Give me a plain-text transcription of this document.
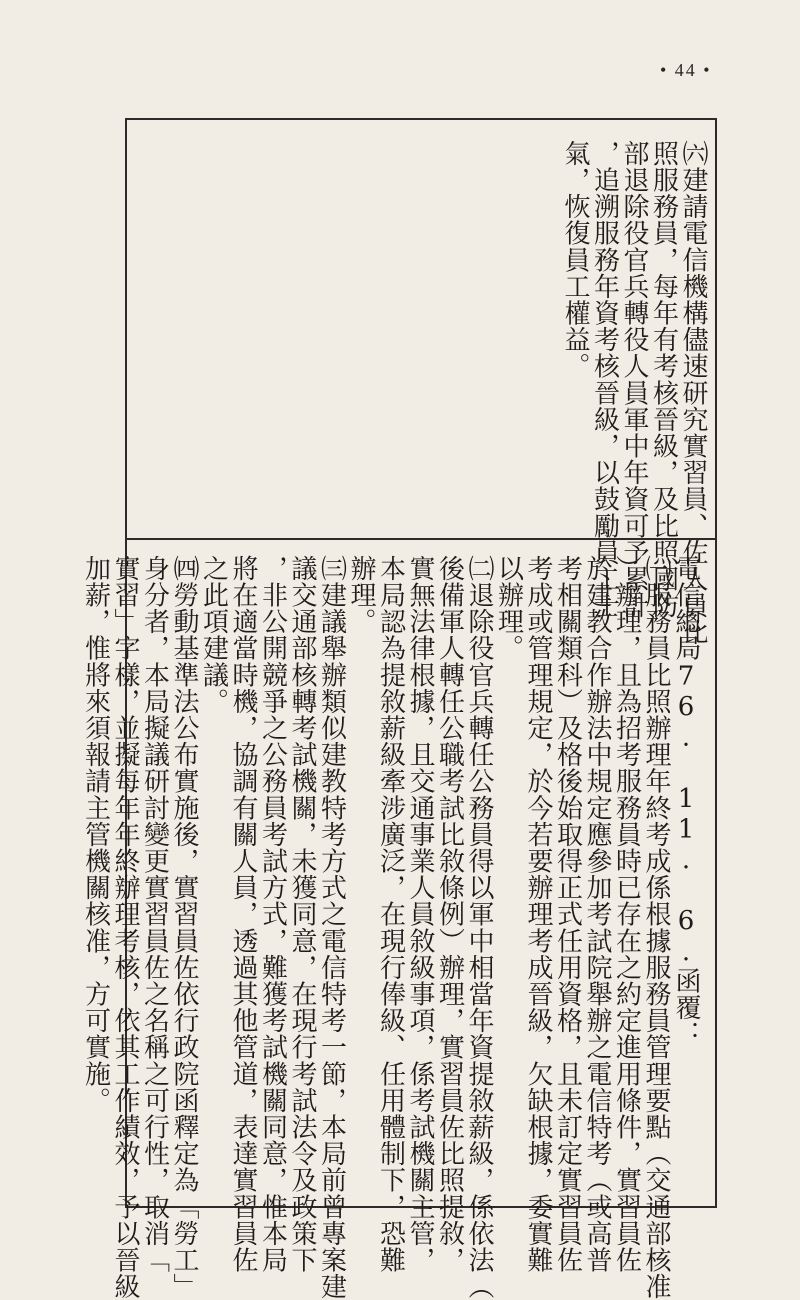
• 44 •

㈥建請電信機構儘速研究實習員、佐人員比
照服務員，每年有考核晉級，及比照國防
部退除役官兵轉役人員軍中年資可予累計
，追溯服務年資考核晉級，以鼓勵員工士
氣，恢復員工權益。
電信總局76. 11. 6.函覆：
㈠服務員比照辦理年終考成係根據服務員管理要點（交通部核准
）辦理，且為招考服務員時已存在之約定進用條件，實習員佐
於建教合作辦法中規定應參加考試院舉辦之電信特考（或高普
考相關類科）及格後始取得正式任用資格，且未訂定實習員佐
考成或管理規定，於今若要辦理考成晉級，欠缺根據，委實難
以辦理。
㈡退除役官兵轉任公務員得以軍中相當年資提敘薪級，係依法（
後備軍人轉任公職考試比敘條例）辦理，實習員佐比照提敘，
實無法律根據，且交通事業人員敘級事項，係考試機關主管，
本局認為提敘薪級牽涉廣泛，在現行俸級、任用體制下，恐難
辦理。
㈢建議舉辦類似建教特考方式之電信特考一節，本局前曾專案建
議交通部核轉考試機關，未獲同意，在現行考試法令及政策下
，非公開競爭之公務員考試方式，難獲考試機關同意，惟本局
將在適當時機，協調有關人員，透過其他管道，表達實習員佐
之此項建議。
㈣勞動基準法公布實施後，實習員佐依行政院函釋定為「勞工」
身分者，本局擬議研討變更實習員佐之名稱之可行性，取消「
實習」字樣，並擬每年年終辦理考核，依其工作績效，予以晉級
加薪，惟將來須報請主管機關核准，方可實施。
